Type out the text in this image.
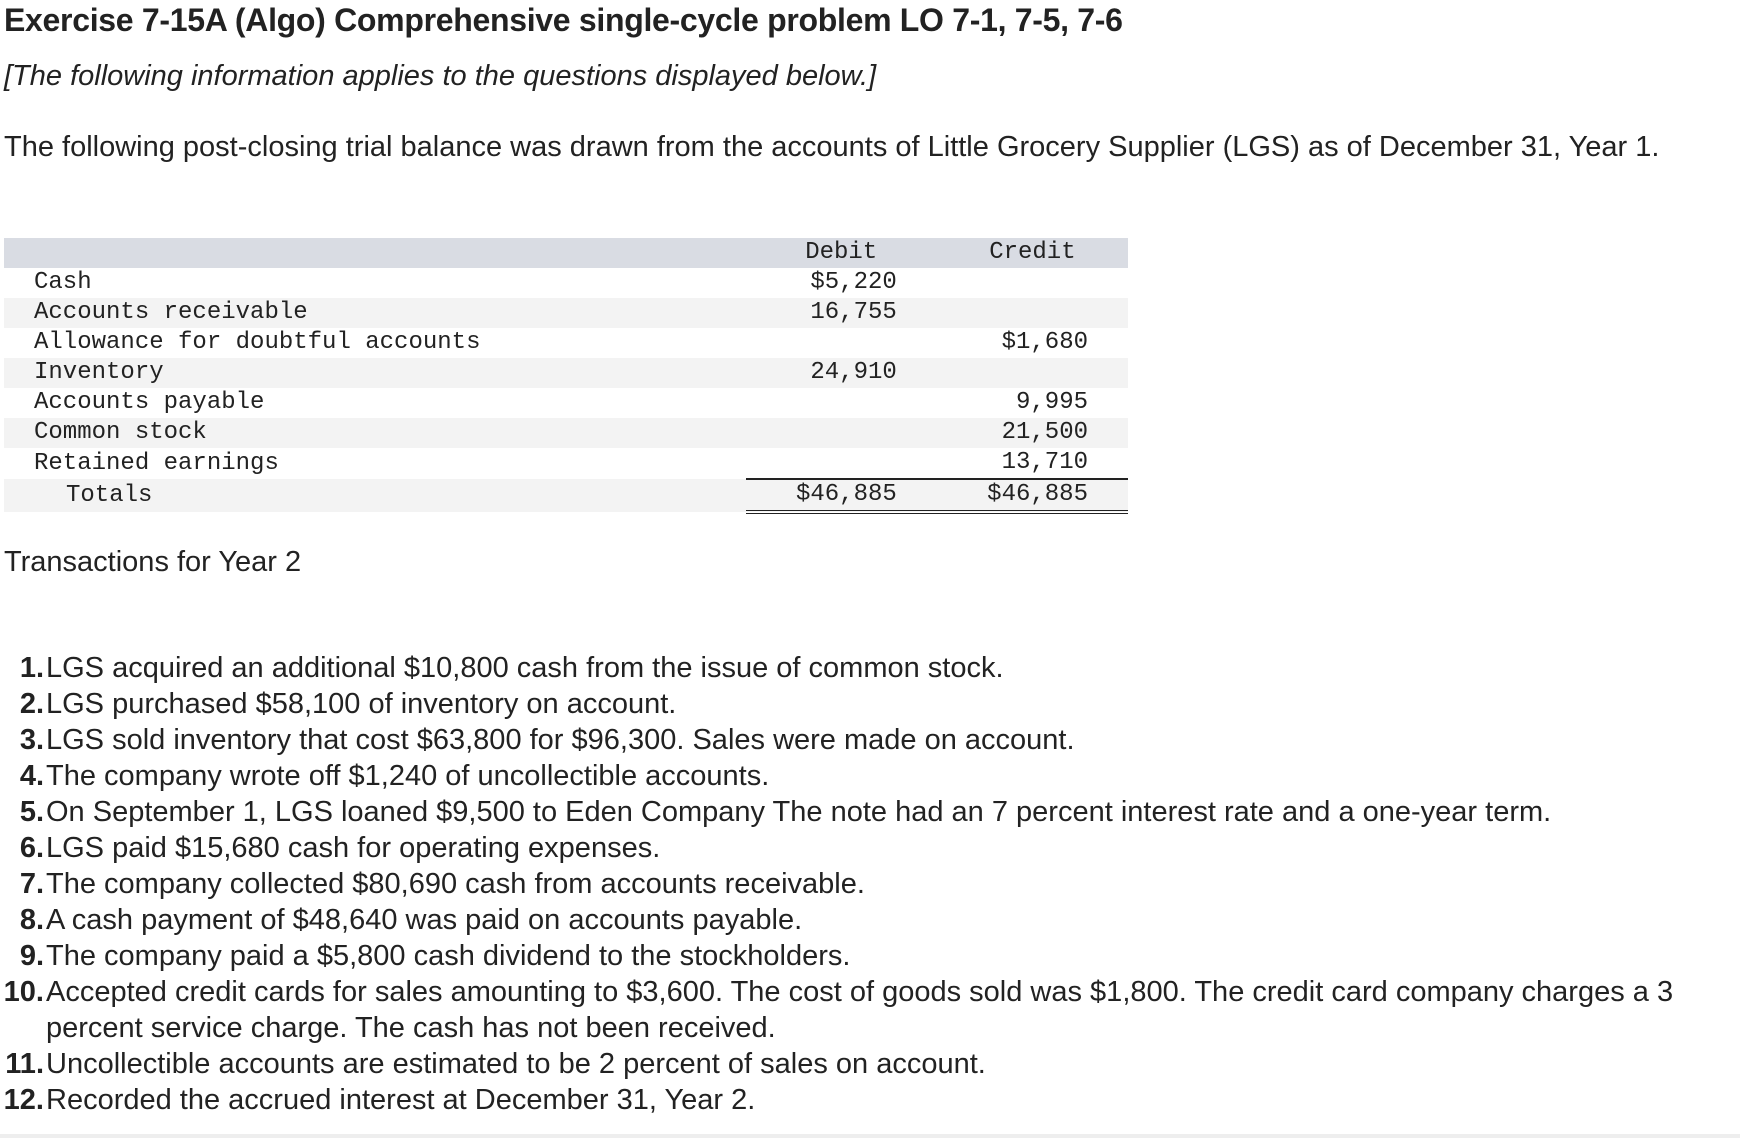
Exercise 7-15A (Algo) Comprehensive single-cycle problem LO 7-1, 7-5, 7-6
[The following information applies to the questions displayed below.]
The following post-closing trial balance was drawn from the accounts of Little Grocery Supplier (LGS) as of December 31, Year 1.
	Debit	Credit
Cash	$5,220	
Accounts receivable	16,755	
Allowance for doubtful accounts		$1,680
Inventory	24,910	
Accounts payable		9,995
Common stock		21,500
Retained earnings		13,710
Totals	$46,885	$46,885
Transactions for Year 2
1. LGS acquired an additional $10,800 cash from the issue of common stock.
2. LGS purchased $58,100 of inventory on account.
3. LGS sold inventory that cost $63,800 for $96,300. Sales were made on account.
4. The company wrote off $1,240 of uncollectible accounts.
5. On September 1, LGS loaned $9,500 to Eden Company The note had an 7 percent interest rate and a one-year term.
6. LGS paid $15,680 cash for operating expenses.
7. The company collected $80,690 cash from accounts receivable.
8. A cash payment of $48,640 was paid on accounts payable.
9. The company paid a $5,800 cash dividend to the stockholders.
10. Accepted credit cards for sales amounting to $3,600. The cost of goods sold was $1,800. The credit card company charges a 3 percent service charge. The cash has not been received.
11. Uncollectible accounts are estimated to be 2 percent of sales on account.
12. Recorded the accrued interest at December 31, Year 2.
